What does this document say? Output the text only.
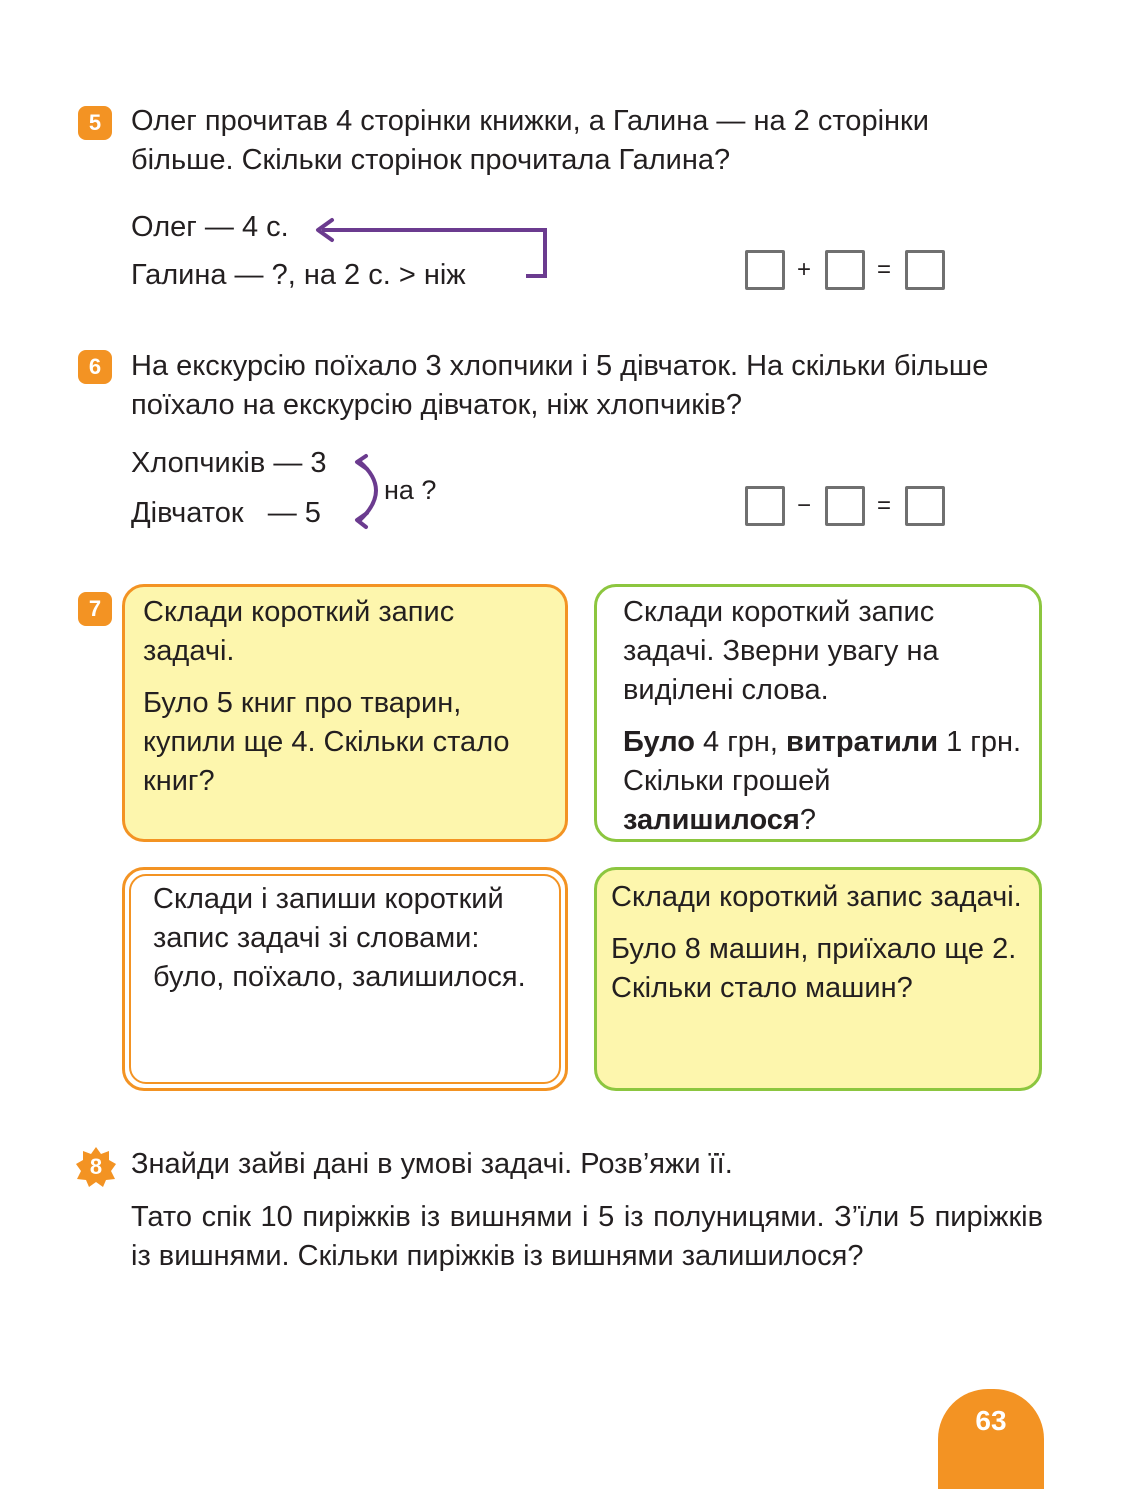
5	Олег прочитав 4 сторінки книжки, а Галина — на 2 сторінки
більше. Скільки сторінок прочитала Галина?
Олег — 4 с.
Галина — ?, на 2 с. > ніж	+	=
6	На екскурсію поїхало 3 хлопчики і 5 дівчаток. На скільки більше
поїхало на екскурсію дівчаток, ніж хлопчиків?
Хлопчиків — 3
Дівчаток   — 5
на ?
−	=
7	Склади короткий запис задачі.

Було 5 книг про тварин, купили ще 4. Скільки стало книг?

Склади короткий запис задачі. Зверни увагу на виділені слова.

Було 4 грн, витратили 1 грн. Скільки грошей залишилося?

Склади і запиши короткий запис задачі зі словами: було, поїхало, залишилося.

Склади короткий запис задачі.

Було 8 машин, приїхало ще 2. Скільки стало машин?

8 Знайди зайві дані в умові задачі. Розв’яжи її.
Тато спік 10 пиріжків із вишнями і 5 із полуницями. З’їли 5 пиріжків із вишнями. Скільки пиріжків із вишнями залишилося?
63
